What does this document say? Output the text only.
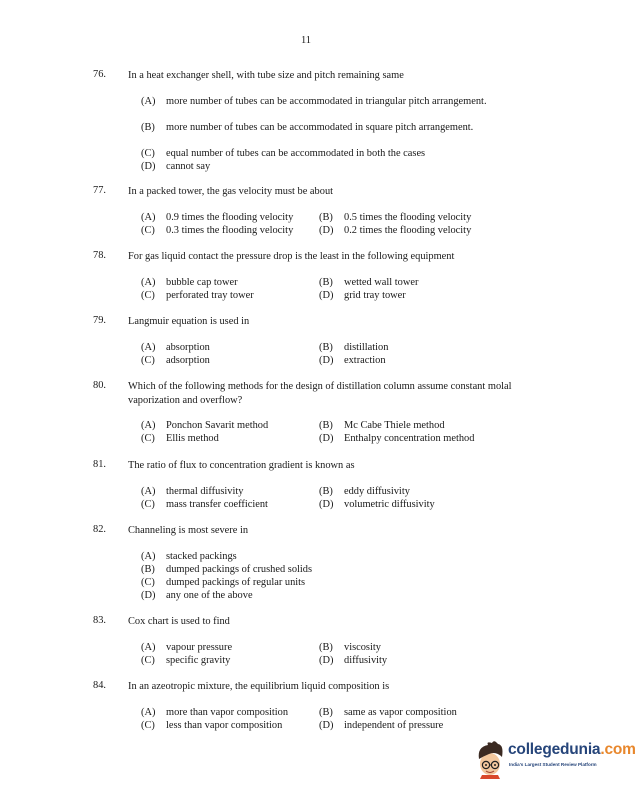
11
76. In a heat exchanger shell, with tube size and pitch remaining same
(A) more number of tubes can be accommodated in triangular pitch arrangement.
(B) more number of tubes can be accommodated in square pitch arrangement.
(C) equal number of tubes can be accommodated in both the cases
(D) cannot say
77. In a packed tower, the gas velocity must be about
(A) 0.9 times the flooding velocity (B) 0.5 times the flooding velocity
(C) 0.3 times the flooding velocity (D) 0.2 times the flooding velocity
78. For gas liquid contact the pressure drop is the least in the following equipment
(A) bubble cap tower	(B) wetted wall tower
(C) perforated tray tower	(D) grid tray tower
79. Langmuir equation is used in
(A) absorption	(B) distillation
(C) adsorption	(D) extraction
80. Which of the following methods for the design of distillation column assume constant molal vaporization and overflow?
(A) Ponchon Savarit method	(B) Mc Cabe Thiele method
(C) Ellis method	(D) Enthalpy concentration method
81. The ratio of flux to concentration gradient is known as
(A) thermal diffusivity	(B) eddy diffusivity
(C) mass transfer coefficient	(D) volumetric diffusivity
82. Channeling is most severe in
(A) stacked packings
(B) dumped packings of crushed solids
(C) dumped packings of regular units
(D) any one of the above
83. Cox chart is used to find
(A) vapour pressure	(B) viscosity
(C) specific gravity	(D) diffusivity
84. In an azeotropic mixture, the equilibrium liquid composition is
(A) more than vapor composition	(B) same as vapor composition
(C) less than vapor composition	(D) independent of pressure
collegedunia.com
India's Largest Student Review Platform
